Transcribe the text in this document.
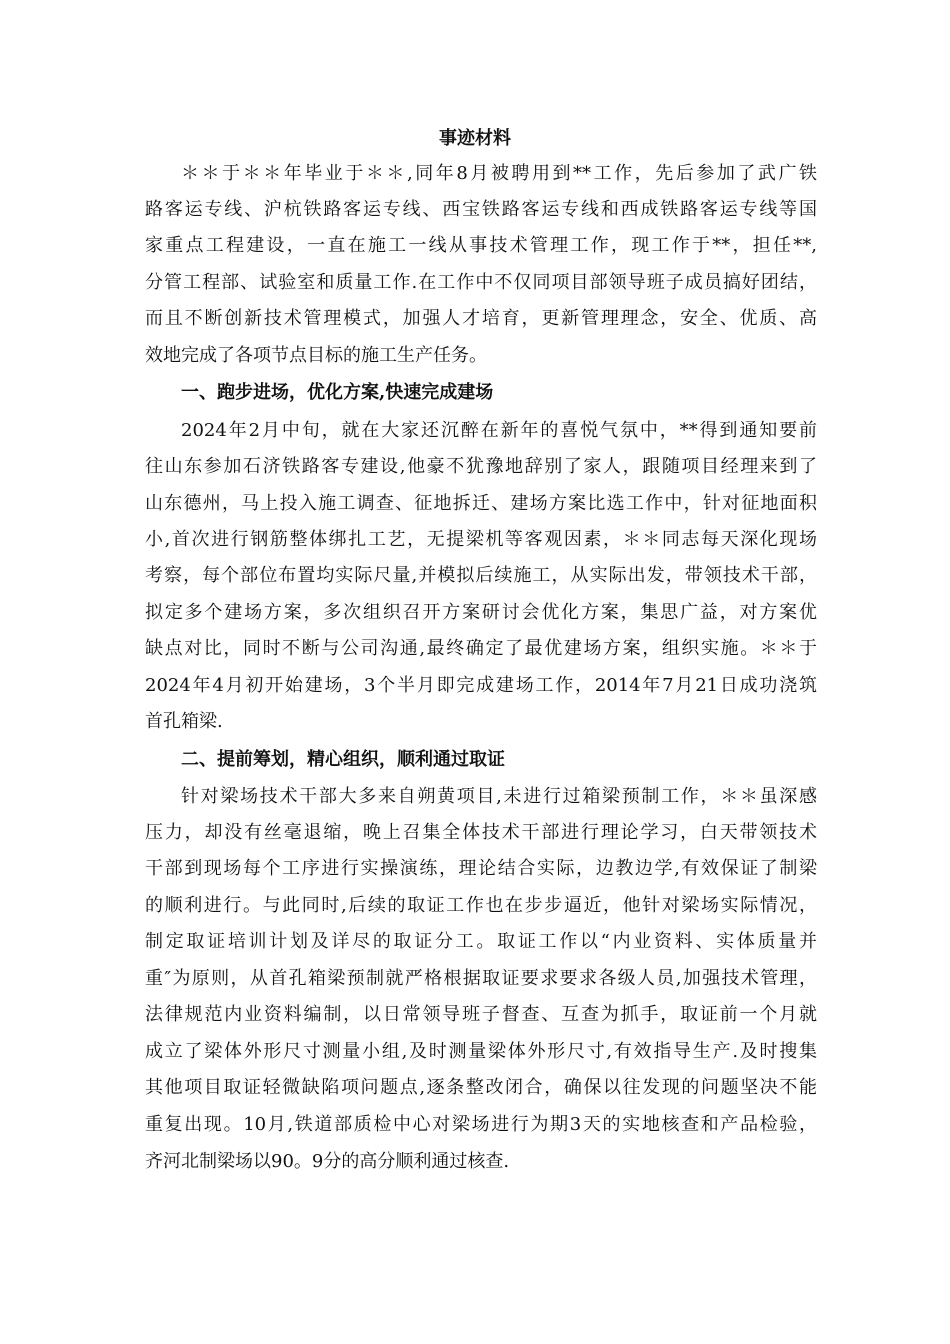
事迹材料
＊＊于＊＊年毕业于＊＊,同年8月被聘用到**工作，先后参加了武广铁
路客运专线、沪杭铁路客运专线、西宝铁路客运专线和西成铁路客运专线等国
家重点工程建设，一直在施工一线从事技术管理工作，现工作于**，担任**,
分管工程部、试验室和质量工作.在工作中不仅同项目部领导班子成员搞好团结，
而且不断创新技术管理模式，加强人才培育，更新管理理念，安全、优质、高
效地完成了各项节点目标的施工生产任务。
一、跑步进场，优化方案,快速完成建场
2024年2月中旬，就在大家还沉醉在新年的喜悦气氛中，**得到通知要前
往山东参加石济铁路客专建设,他豪不犹豫地辞别了家人，跟随项目经理来到了
山东德州，马上投入施工调查、征地拆迁、建场方案比选工作中，针对征地面积
小,首次进行钢筋整体绑扎工艺，无提梁机等客观因素，＊＊同志每天深化现场
考察，每个部位布置均实际尺量,并模拟后续施工，从实际出发，带领技术干部，
拟定多个建场方案，多次组织召开方案研讨会优化方案，集思广益，对方案优
缺点对比，同时不断与公司沟通,最终确定了最优建场方案，组织实施。＊＊于
2024年4月初开始建场，3个半月即完成建场工作，2014年7月21日成功浇筑
首孔箱梁.
二、提前筹划，精心组织，顺利通过取证
针对梁场技术干部大多来自朔黄项目,未进行过箱梁预制工作，＊＊虽深感
压力，却没有丝毫退缩，晚上召集全体技术干部进行理论学习，白天带领技术
干部到现场每个工序进行实操演练，理论结合实际，边教边学,有效保证了制梁
的顺利进行。与此同时,后续的取证工作也在步步逼近，他针对梁场实际情况，
制定取证培训计划及详尽的取证分工。取证工作以“内业资料、实体质量并
重″为原则，从首孔箱梁预制就严格根据取证要求要求各级人员,加强技术管理，
法律规范内业资料编制，以日常领导班子督查、互查为抓手，取证前一个月就
成立了梁体外形尺寸测量小组,及时测量梁体外形尺寸,有效指导生产.及时搜集
其他项目取证轻微缺陷项问题点,逐条整改闭合，确保以往发现的问题坚决不能
重复出现。10月,铁道部质检中心对梁场进行为期3天的实地核查和产品检验，
齐河北制梁场以90。9分的高分顺利通过核查.
